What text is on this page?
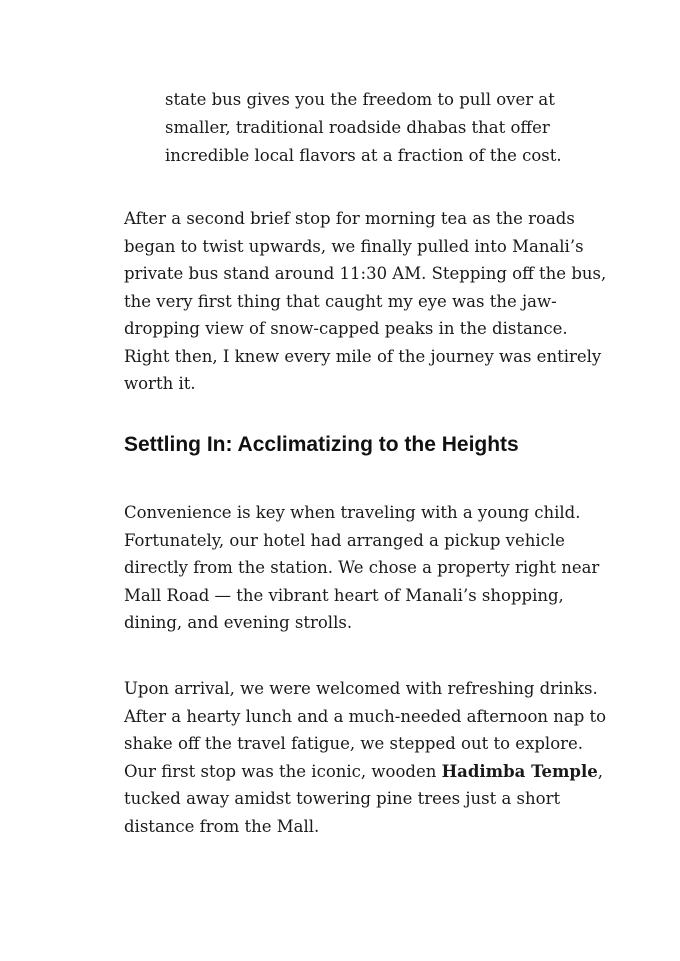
state bus gives you the freedom to pull over at
smaller, traditional roadside dhabas that offer
incredible local flavors at a fraction of the cost.

After a second brief stop for morning tea as the roads
began to twist upwards, we finally pulled into Manali’s
private bus stand around 11:30 AM. Stepping off the bus,
the very first thing that caught my eye was the jaw-
dropping view of snow-capped peaks in the distance.
Right then, I knew every mile of the journey was entirely
worth it.

Settling In: Acclimatizing to the Heights

Convenience is key when traveling with a young child.
Fortunately, our hotel had arranged a pickup vehicle
directly from the station. We chose a property right near
Mall Road — the vibrant heart of Manali’s shopping,
dining, and evening strolls.

Upon arrival, we were welcomed with refreshing drinks.
After a hearty lunch and a much-needed afternoon nap to
shake off the travel fatigue, we stepped out to explore.
Our first stop was the iconic, wooden Hadimba Temple,
tucked away amidst towering pine trees just a short
distance from the Mall.
